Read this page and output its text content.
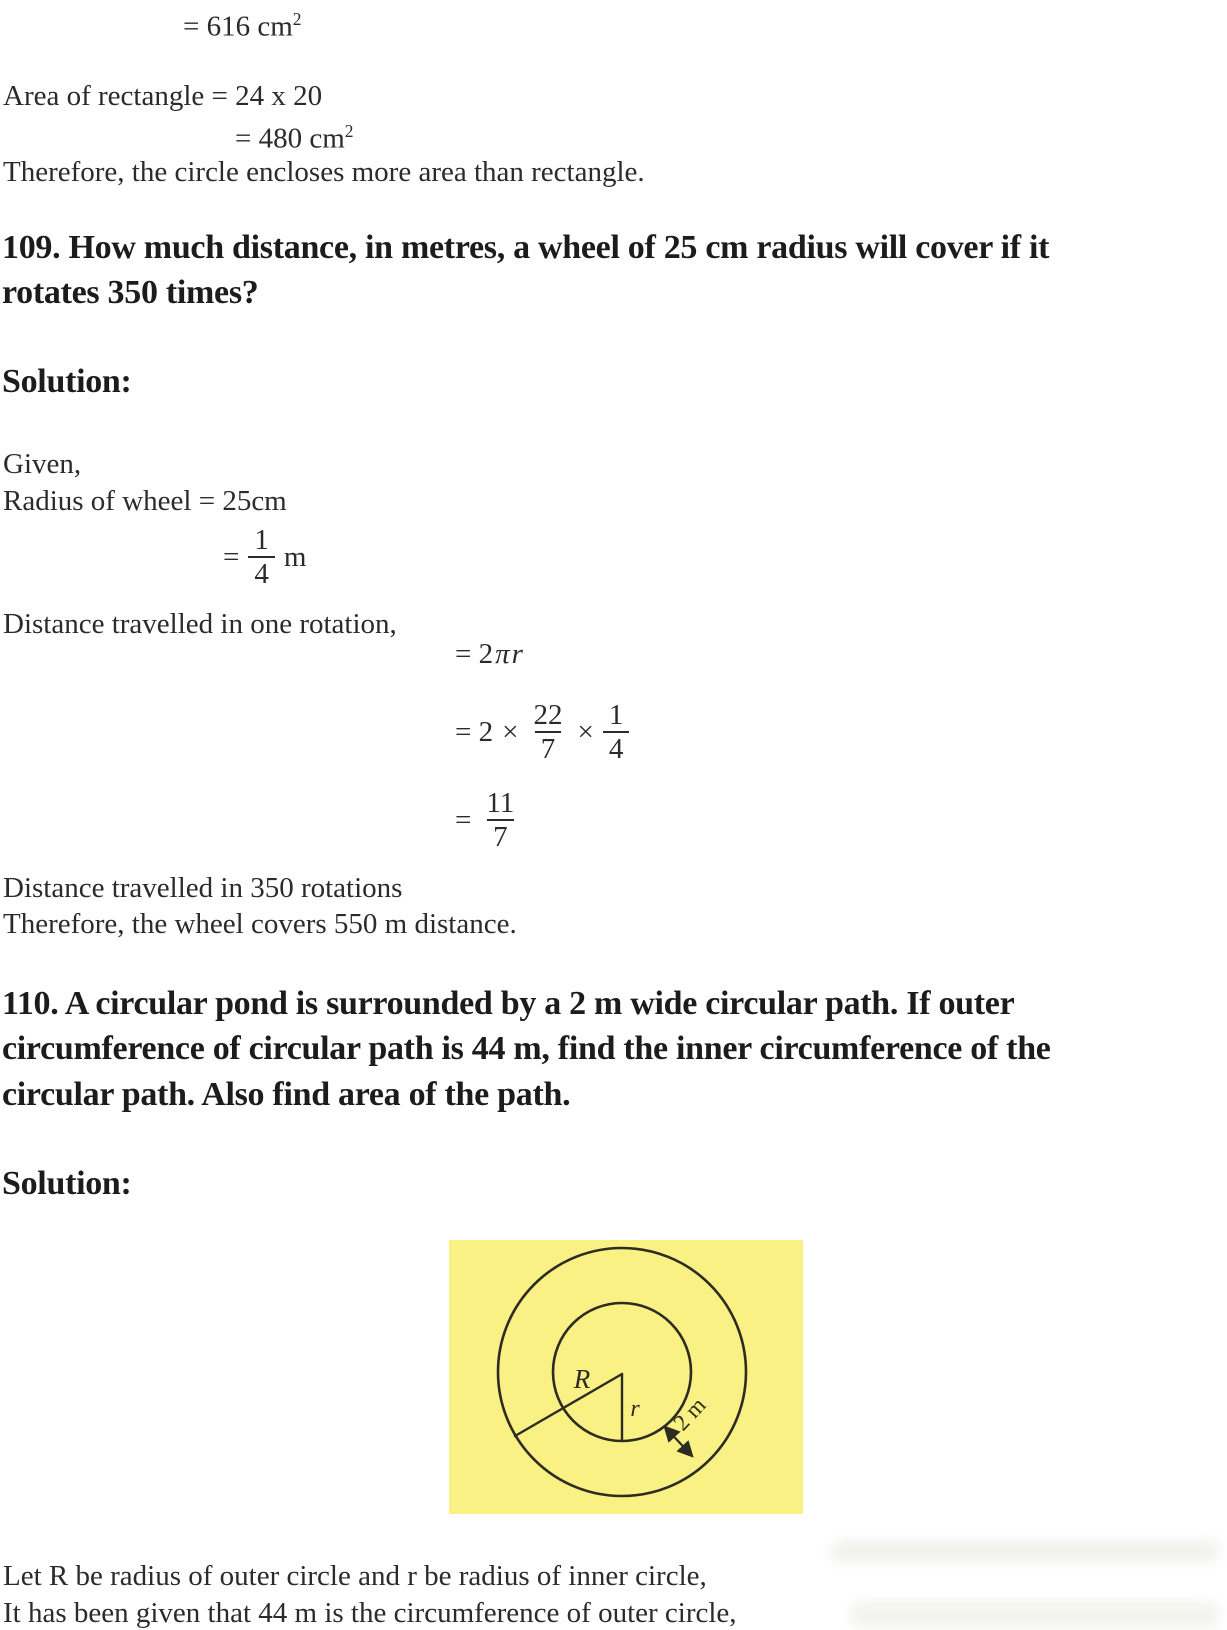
= 616 $cm^2$
Area of rectangle = 24 x 20
= 480 $cm^2$
Therefore, the circle encloses more area than rectangle.
109. How much distance, in metres, a wheel of 25 cm radius will cover if it
rotates 350 times?
Solution:
Given,
Radius of wheel = 25cm
= $\frac{1}{4}$ m
Distance travelled in one rotation,
= 2πr
= $2 \times \frac{22}{7} \times \frac{1}{4}$
= $\frac{11}{7}$
Distance travelled in 350 rotations
Therefore, the wheel covers 550 m distance.
110. A circular pond is surrounded by a 2 m wide circular path. If outer
circumference of circular path is 44 m, find the inner circumference of the
circular path. Also find area of the path.
Solution:
R
r 2 m
Let R be radius of outer circle and r be radius of inner circle,
It has been given that 44 m is the circumference of outer circle,
